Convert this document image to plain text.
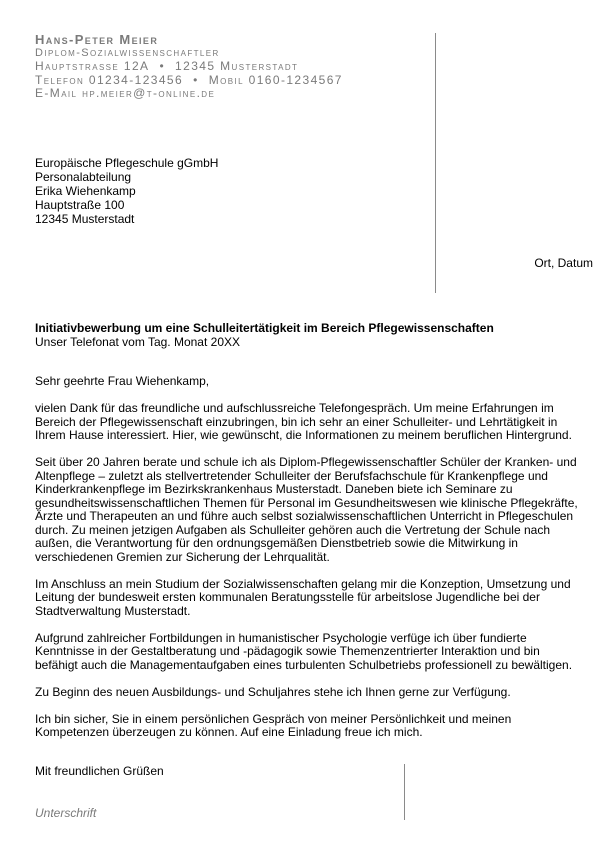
Hans-Peter Meier
Diplom-Sozialwissenschaftler
Hauptstrasse 12A • 12345 Musterstadt
Telefon 01234-123456 • Mobil 0160-1234567
E-Mail hp.meier@t-online.de
Europäische Pflegeschule gGmbH
Personalabteilung
Erika Wiehenkamp
Hauptstraße 100
12345 Musterstadt
Ort, Datum
Initiativbewerbung um eine Schulleitertätigkeit im Bereich Pflegewissenschaften
Unser Telefonat vom Tag. Monat 20XX

Sehr geehrte Frau Wiehenkamp,

vielen Dank für das freundliche und aufschlussreiche Telefongespräch. Um meine Erfahrungen im Bereich der Pflegewissenschaft einzubringen, bin ich sehr an einer Schulleiter- und Lehrtätigkeit in Ihrem Hause interessiert. Hier, wie gewünscht, die Informationen zu meinem beruflichen Hintergrund.

Seit über 20 Jahren berate und schule ich als Diplom-Pflegewissenschaftler Schüler der Kranken- und Altenpflege – zuletzt als stellvertretender Schulleiter der Berufsfachschule für Krankenpflege und Kinderkrankenpflege im Bezirkskrankenhaus Musterstadt. Daneben biete ich Seminare zu gesundheitswissenschaftlichen Themen für Personal im Gesundheitswesen wie klinische Pflegekräfte, Ärzte und Therapeuten an und führe auch selbst sozialwissenschaftlichen Unterricht in Pflegeschulen durch. Zu meinen jetzigen Aufgaben als Schulleiter gehören auch die Vertretung der Schule nach außen, die Verantwortung für den ordnungsgemäßen Dienstbetrieb sowie die Mitwirkung in verschiedenen Gremien zur Sicherung der Lehrqualität.

Im Anschluss an mein Studium der Sozialwissenschaften gelang mir die Konzeption, Umsetzung und Leitung der bundesweit ersten kommunalen Beratungsstelle für arbeitslose Jugendliche bei der Stadtverwaltung Musterstadt.

Aufgrund zahlreicher Fortbildungen in humanistischer Psychologie verfüge ich über fundierte Kenntnisse in der Gestaltberatung und -pädagogik sowie Themenzentrierter Interaktion und bin befähigt auch die Managementaufgaben eines turbulenten Schulbetriebs professionell zu bewältigen.

Zu Beginn des neuen Ausbildungs- und Schuljahres stehe ich Ihnen gerne zur Verfügung.

Ich bin sicher, Sie in einem persönlichen Gespräch von meiner Persönlichkeit und meinen Kompetenzen überzeugen zu können. Auf eine Einladung freue ich mich.

Mit freundlichen Grüßen
Unterschrift
